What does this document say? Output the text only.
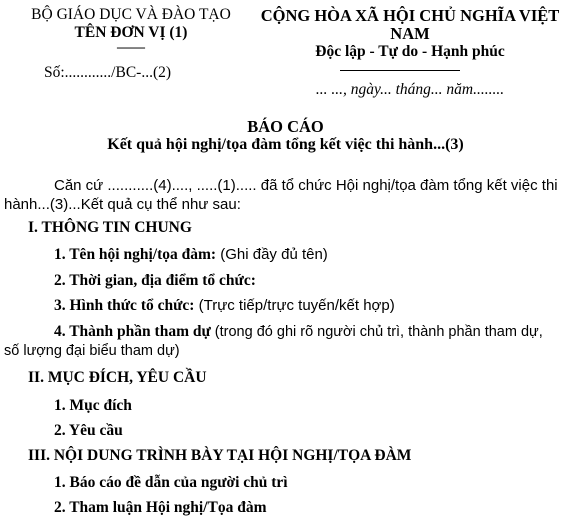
BỘ GIÁO DỤC VÀ ĐÀO TẠO
TÊN ĐƠN VỊ (1)
——
Số:............/BC-...(2)
CỘNG HÒA XÃ HỘI CHỦ NGHĨA VIỆT
NAM
Độc lập - Tự do - Hạnh phúc
... ..., ngày... tháng... năm........
BÁO CÁO
Kết quả hội nghị/tọa đàm tổng kết việc thi hành...(3)
Căn cứ ...........(4)...., .....(1)..... đã tổ chức Hội nghị/tọa đàm tổng kết việc thi
hành...(3)...Kết quả cụ thể như sau:
I. THÔNG TIN CHUNG
1. Tên hội nghị/tọa đàm: (Ghi đầy đủ tên)
2. Thời gian, địa điểm tổ chức:
3. Hình thức tổ chức: (Trực tiếp/trực tuyến/kết hợp)
4. Thành phần tham dự (trong đó ghi rõ người chủ trì, thành phần tham dự,
số lượng đại biểu tham dự)
II. MỤC ĐÍCH, YÊU CẦU
1. Mục đích
2. Yêu cầu
III. NỘI DUNG TRÌNH BÀY TẠI HỘI NGHỊ/TỌA ĐÀM
1. Báo cáo đề dẫn của người chủ trì
2. Tham luận Hội nghị/Tọa đàm
